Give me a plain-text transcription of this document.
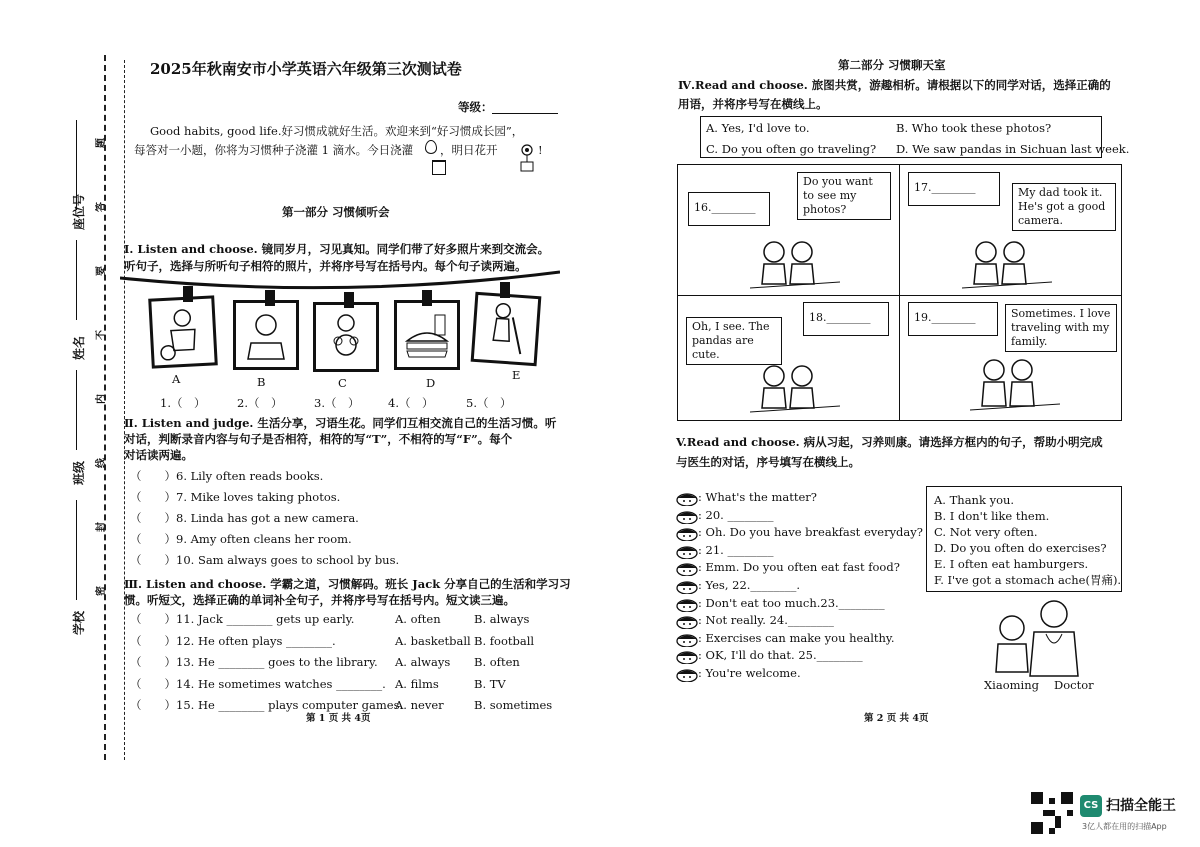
座位号
姓名
班级
学校
题
答
要
不
内
线
封
密
2025年秋南安市小学英语六年级第三次测试卷
等级：
Good habits, good life.好习惯成就好生活。欢迎来到“好习惯成长园”，
每答对一小题，你将为习惯种子浇灌 1 滴水。今日浇灌 ，明日花开	!
第一部分 习惯倾听会
Ⅰ. Listen and choose. 镜同岁月，习见真知。同学们带了好多照片来到交流会。
听句子，选择与所听句子相符的照片，并将序号写在括号内。每个句子读两遍。
A	B	C	D
E
1.（　）	2.（　）	3.（　） 4.（　）	5.（　）
Ⅱ. Listen and judge. 生活分享，习语生花。同学们互相交流自己的生活习惯。听
对话，判断录音内容与句子是否相符，相符的写“T”，不相符的写“F”。每个
对话读两遍。
（　　）6. Lily often reads books.
（　　）7. Mike loves taking photos.
（　　）8. Linda has got a new camera.
（　　）9. Amy often cleans her room.
（　　）10. Sam always goes to school by bus.
Ⅲ. Listen and choose. 学霸之道，习惯解码。班长 Jack 分享自己的生活和学习习
惯。听短文，选择正确的单词补全句子，并将序号写在括号内。短文读三遍。
（　　）11. Jack ________ gets up early.	A. often	B. always
（　　）12. He often plays ________.	A. basketball B. football
（　　）13. He ________ goes to the library. A. always B. often
（　　）14. He sometimes watches ________. A. films	B. TV
（　　）15. He ________ plays computer games.
A. never	B. sometimes
第 1 页 共 4页
第二部分 习惯聊天室
Ⅳ.Read and choose. 旅图共赏，游趣相析。请根据以下的同学对话，选择正确的
用语，并将序号写在横线上。
A. Yes, I'd love to.	B. Who took these photos?
C. Do you often go traveling? D. We saw pandas in Sichuan last week.
16.________
Do you want to see my photos?
17.________	My dad took it. He's got a good camera.
Oh, I see. The pandas are cute.
18.________	19.________	Sometimes. I love traveling with my family.
V.Read and choose. 病从习起，习养则康。请选择方框内的句子，帮助小明完成
与医生的对话，序号填写在横线上。
: What's the matter?
: 20. ________
: Oh. Do you have breakfast everyday?
: 21. ________
: Emm. Do you often eat fast food?
: Yes, 22.________.
: Don't eat too much.23.________
: Not really. 24.________
: Exercises can make you healthy.
: OK, I'll do that. 25.________
: You're welcome.
A. Thank you.
B. I don't like them.
C. Not very often.
D. Do you often do exercises?
E. I often eat hamburgers.
F. I've got a stomach ache(胃痛).
Xiaoming Doctor
第 2 页 共 4页
CS 扫描全能王
3亿人都在用的扫描App
